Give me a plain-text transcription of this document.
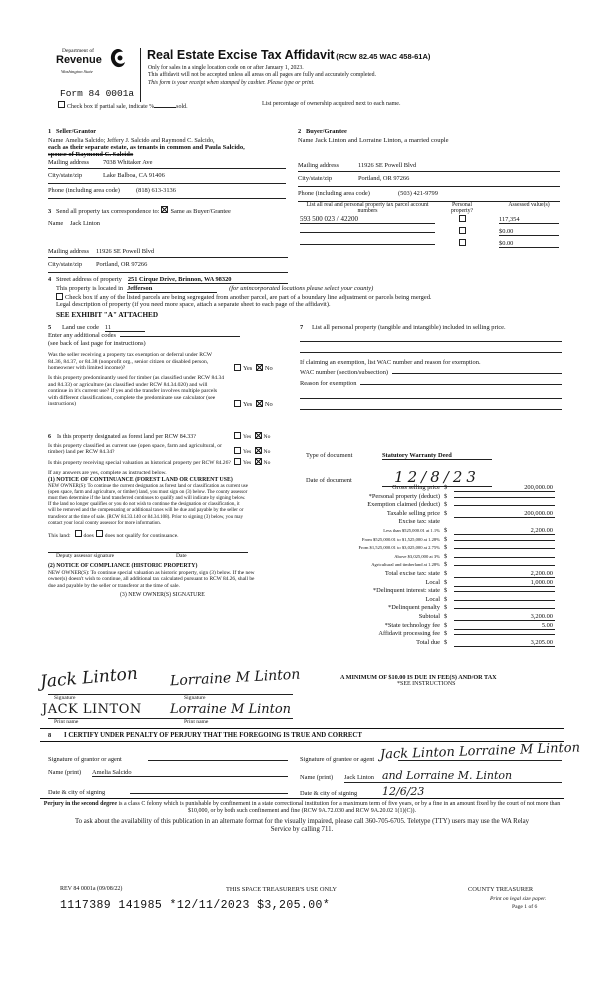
Department of
Revenue
Washington State
Real Estate Excise Tax Affidavit (RCW 82.45 WAC 458-61A)
Only for sales in a single location code on or after January 1, 2023.
This affidavit will not be accepted unless all areas on all pages are fully and accurately completed.
This form is your receipt when stamped by cashier. Please type or print.
Form 84 0001a
Check box if partial sale, indicate %	sold.	List percentage of ownership acquired next to each name.
1 Seller/Grantor
Name Amelia Salcido; Jeffery J. Salcido and Raymond C. Salcido,
each as their separate estate, as tenants in common and Paula Salcido,
spouse of Raymond C. Salcido
Mailing address	7038 Whitaker Ave
City/state/zip	Lake Balboa, CA 91406
Phone (including area code)	(818) 613-3136
2 Buyer/Grantee
Name Jack Linton and Lorraine Linton, a married couple
Mailing address	11926 SE Powell Blvd
City/state/zip	Portland, OR 97266
Phone (including area code)	(503) 421-9799
3 Send all property tax correspondence to: Same as Buyer/Grantee
Name	Jack Linton
Mailing address	11926 SE Powell Blvd
City/state/zip	Portland, OR 97266
List all real and personal property tax parcel account numbers
Personal property?
Assessed value(s)
593 500 023 / 42200	117,354
$0.00
$0.00
4 Street address of property 251 Cirque Drive, Brinnon, WA 98320
This property is located in Jefferson	(for unincorporated locations please select your county)
Check box if any of the listed parcels are being segregated from another parcel, are part of a boundary line adjustment or parcels being merged.
Legal description of property (if you need more space, attach a separate sheet to each page of the affidavit).
SEE EXHIBIT "A" ATTACHED
5	Land use code 11
Enter any additional codes
(see back of last page for instructions)
Was the seller receiving a property tax exemption or deferral under RCW 84.36, 84.37, or 84.38 (nonprofit org., senior citizen or disabled person, homeowner with limited income)?	Yes No
Is this property predominantly used for timber (as classified under RCW 84.34 and 84.33) or agriculture (as classified under RCW 84.34.020) and will continue in it's current use? If yes and the transfer involves multiple parcels with different classifications, complete the predominate use calculator (see instructions)	Yes No
6 Is this property designated as forest land per RCW 84.33?	Yes No
Is this property classified as current use (open space, farm and agricultural, or timber) land per RCW 84.34?	Yes No
Is this property receiving special valuation as historical property per RCW 84.26?	Yes No
If any answers are yes, complete as instructed below.
(1) NOTICE OF CONTINUANCE (FOREST LAND OR CURRENT USE)
NEW OWNER(S): To continue the current designation as forest land or classification as current use (open space, farm and agriculture, or timber) land, you must sign on (3) below. The county assessor must then determine if the land transferred continues to qualify and will indicate by signing below. If the land no longer qualifies or you do not wish to continue the designation or classification, it will be removed and the compensating or additional taxes will be due and payable by the seller or transferor at the time of sale. (RCW 84.33.140 or 84.34.108). Prior to signing (3) below, you may contact your local county assessor for more information.
This land: does does not qualify for continuance.
Deputy assessor signature	Date
(2) NOTICE OF COMPLIANCE (HISTORIC PROPERTY)
NEW OWNER(S): To continue special valuation as historic property, sign (3) below. If the new owner(s) doesn't wish to continue, all additional tax calculated pursuant to RCW 84.26, shall be due and payable by the seller or transferor at the time of sale.
(3) NEW OWNER(S) SIGNATURE
Jack Linton Lorraine M Linton
Signature	Signature
JACK LINTON Lorraine M Linton
Print name	Print name
7	List all personal property (tangible and intangible) included in selling price.
If claiming an exemption, list WAC number and reason for exemption.
WAC number (section/subsection)
Reason for exemption
Type of document	Statutory Warranty Deed
Date of document	12/8/23
Gross selling price $	200,000.00
*Personal property (deduct) $
Exemption claimed (deduct) $
Taxable selling price $	200,000.00
Excise tax: state
Less than $525,000.01 at 1.1% $	2,200.00
From $525,000.01 to $1,525,000 at 1.28% $
From $1,525,000.01 to $3,025,000 at 2.75% $
Above $3,025,000 at 3% $
Agricultural and timberland at 1.28% $
Total excise tax: state $	2,200.00
Local $	1,000.00
*Delinquent interest: state $
Local $
*Delinquent penalty $
Subtotal $	3,200.00
*State technology fee $	5.00
Affidavit processing fee $
Total due $	3,205.00
A MINIMUM OF $10.00 IS DUE IN FEE(S) AND/OR TAX
*SEE INSTRUCTIONS
8	I CERTIFY UNDER PENALTY OF PERJURY THAT THE FOREGOING IS TRUE AND CORRECT
Signature of grantor or agent
Name (print)	Amelia Salcido
Date & city of signing
Signature of grantee or agent Jack Linton Lorraine M Linton
Name (print)	Jack Linton and Lorraine M. Linton
Date & city of signing	12/6/23
Perjury in the second degree is a class C felony which is punishable by confinement in a state correctional institution for a maximum term of five years, or by a fine in an amount fixed by the court of not more than $10,000, or by both such confinement and fine (RCW 9A.72.030 and RCW 9A.20.02 1(1)(C)).
To ask about the availability of this publication in an alternate format for the visually impaired, please call 360-705-6705. Teletype (TTY) users may use the WA Relay Service by calling 711.
REV 84 0001a (09/08/22)	THIS SPACE TREASURER'S USE ONLY	COUNTY TREASURER
Print on legal size paper.
Page 1 of 6
1117389 141985 *12/11/2023 $3,205.00*
